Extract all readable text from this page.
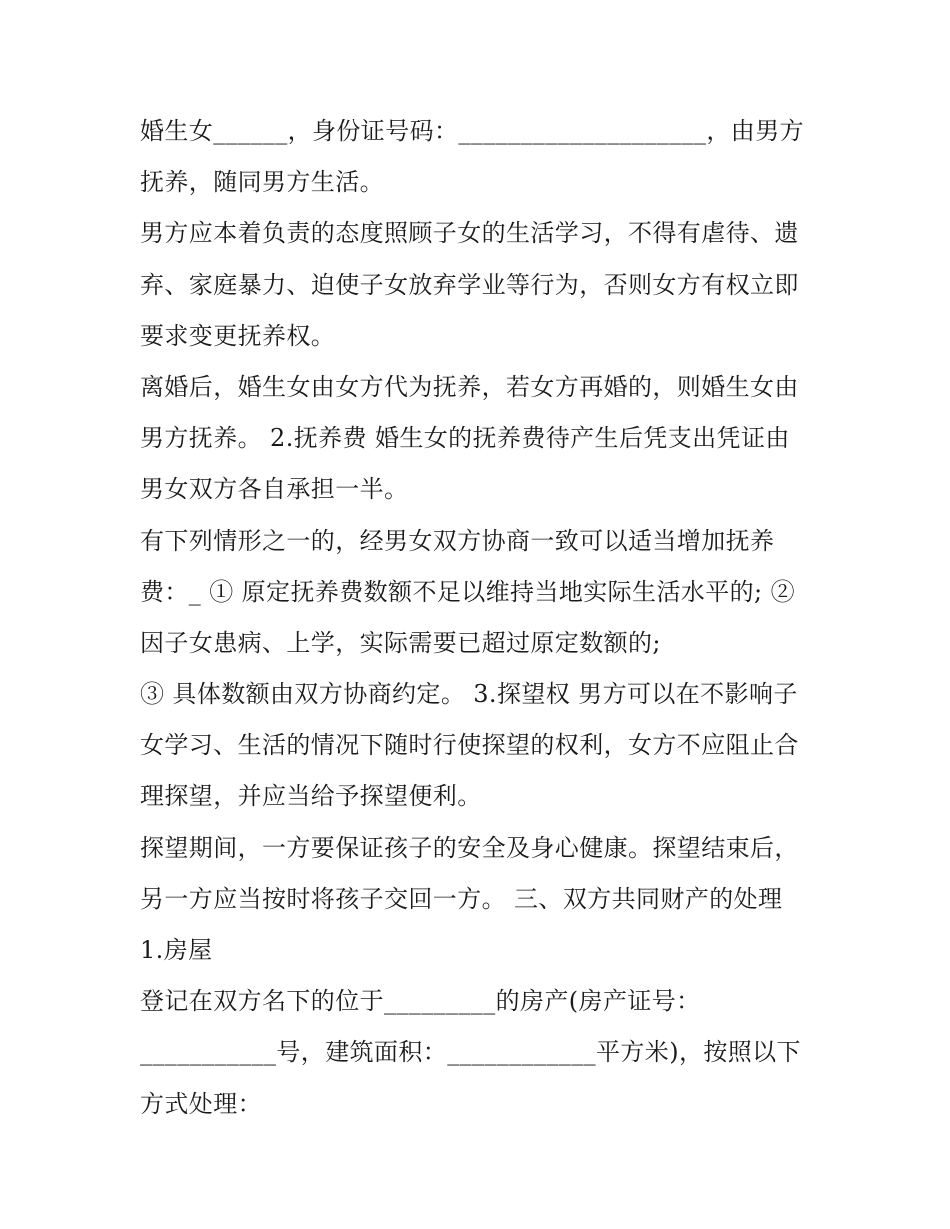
婚生女______，身份证号码：____________________，由男方
抚养，随同男方生活。
男方应本着负责的态度照顾子女的生活学习，不得有虐待、遗
弃、家庭暴力、迫使子女放弃学业等行为，否则女方有权立即
要求变更抚养权。
离婚后，婚生女由女方代为抚养，若女方再婚的，则婚生女由
男方抚养。 2.抚养费 婚生女的抚养费待产生后凭支出凭证由
男女双方各自承担一半。
有下列情形之一的，经男女双方协商一致可以适当增加抚养
费：_ ① 原定抚养费数额不足以维持当地实际生活水平的; ②
因子女患病、上学，实际需要已超过原定数额的;
③ 具体数额由双方协商约定。 3.探望权 男方可以在不影响子
女学习、生活的情况下随时行使探望的权利，女方不应阻止合
理探望，并应当给予探望便利。
探望期间，一方要保证孩子的安全及身心健康。探望结束后，
另一方应当按时将孩子交回一方。 三、双方共同财产的处理
1.房屋
登记在双方名下的位于_________的房产(房产证号：
___________号，建筑面积：____________平方米)，按照以下
方式处理：
